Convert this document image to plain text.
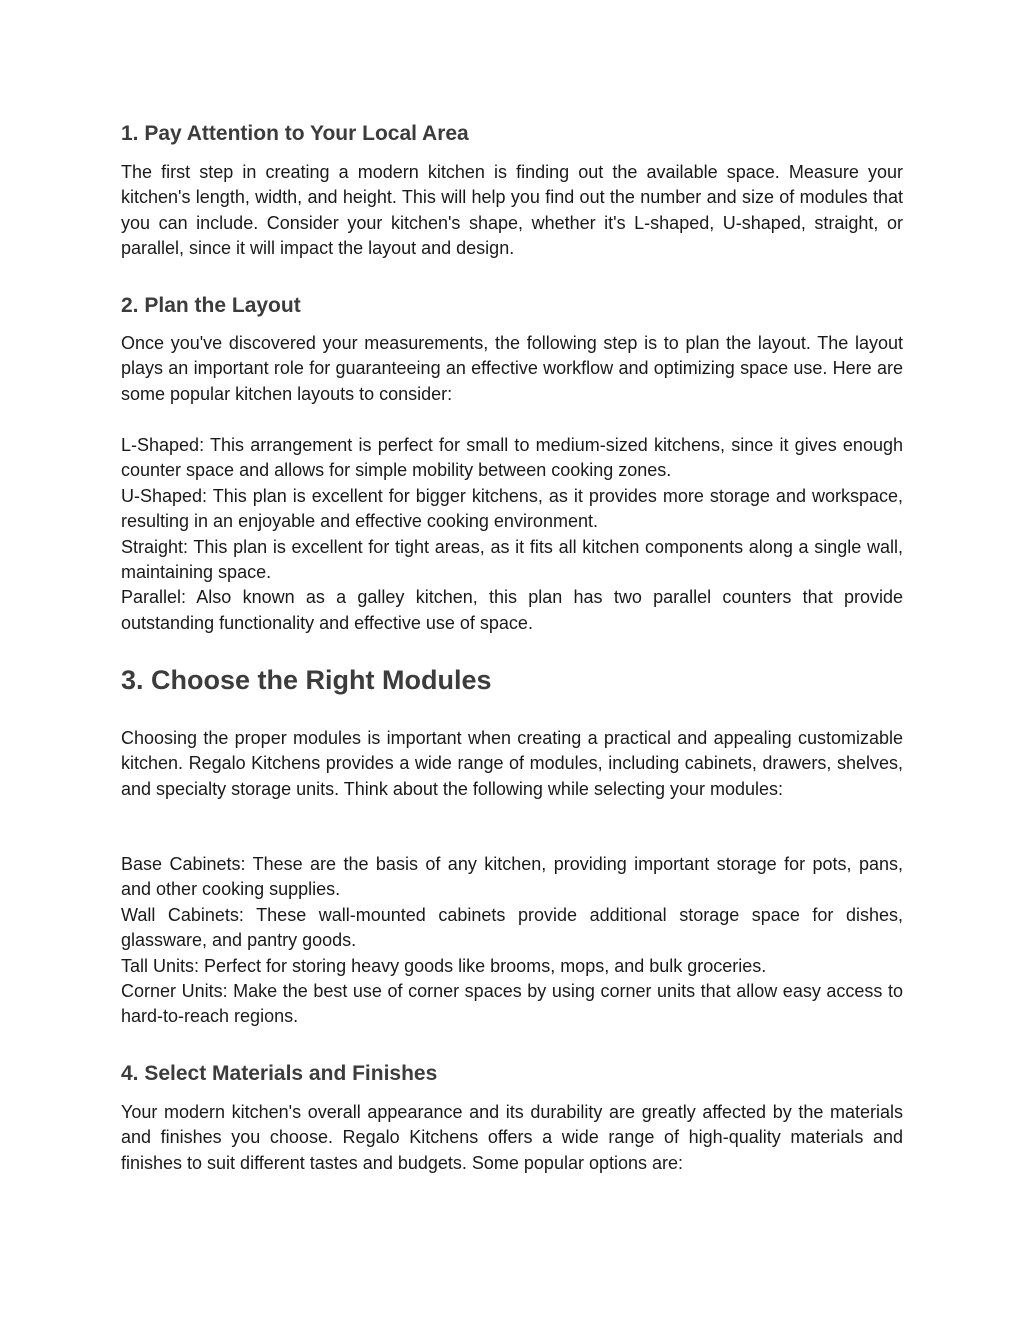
1. Pay Attention to Your Local Area

The first step in creating a modern kitchen is finding out the available space. Measure your kitchen's length, width, and height. This will help you find out the number and size of modules that you can include. Consider your kitchen's shape, whether it's L-shaped, U-shaped, straight, or parallel, since it will impact the layout and design.

2. Plan the Layout

Once you've discovered your measurements, the following step is to plan the layout. The layout plays an important role for guaranteeing an effective workflow and optimizing space use. Here are some popular kitchen layouts to consider:

L-Shaped: This arrangement is perfect for small to medium-sized kitchens, since it gives enough counter space and allows for simple mobility between cooking zones.

U-Shaped: This plan is excellent for bigger kitchens, as it provides more storage and workspace, resulting in an enjoyable and effective cooking environment.

Straight: This plan is excellent for tight areas, as it fits all kitchen components along a single wall, maintaining space.

Parallel: Also known as a galley kitchen, this plan has two parallel counters that provide outstanding functionality and effective use of space.

3. Choose the Right Modules

Choosing the proper modules is important when creating a practical and appealing customizable kitchen. Regalo Kitchens provides a wide range of modules, including cabinets, drawers, shelves, and specialty storage units. Think about the following while selecting your modules:

Base Cabinets: These are the basis of any kitchen, providing important storage for pots, pans, and other cooking supplies.

Wall Cabinets: These wall-mounted cabinets provide additional storage space for dishes, glassware, and pantry goods.

Tall Units: Perfect for storing heavy goods like brooms, mops, and bulk groceries.

Corner Units: Make the best use of corner spaces by using corner units that allow easy access to hard-to-reach regions.

4. Select Materials and Finishes

Your modern kitchen's overall appearance and its durability are greatly affected by the materials and finishes you choose. Regalo Kitchens offers a wide range of high-quality materials and finishes to suit different tastes and budgets. Some popular options are:
